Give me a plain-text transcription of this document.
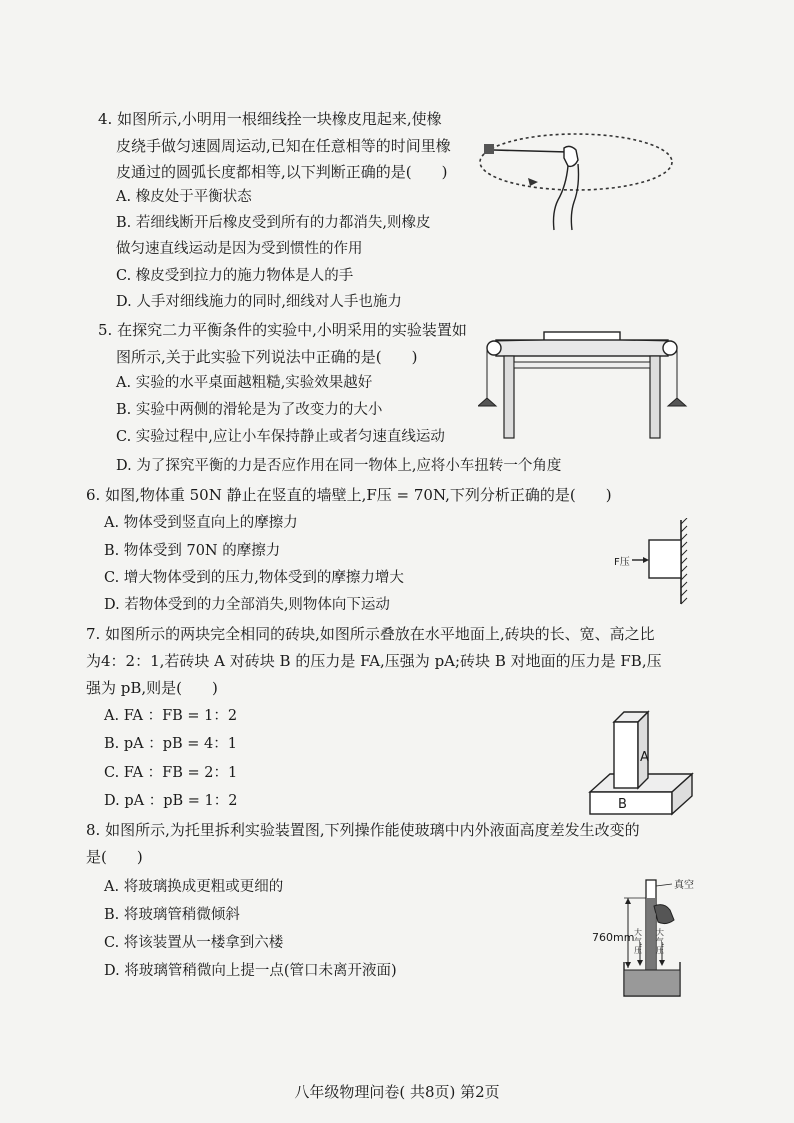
4. 如图所示,小明用一根细线拴一块橡皮甩起来,使橡
皮绕手做匀速圆周运动,已知在任意相等的时间里橡
皮通过的圆弧长度都相等,以下判断正确的是(　　)
A. 橡皮处于平衡状态
B. 若细线断开后橡皮受到所有的力都消失,则橡皮
做匀速直线运动是因为受到惯性的作用
C. 橡皮受到拉力的施力物体是人的手
D. 人手对细线施力的同时,细线对人手也施力
5. 在探究二力平衡条件的实验中,小明采用的实验装置如
图所示,关于此实验下列说法中正确的是(　　)
A. 实验的水平桌面越粗糙,实验效果越好
B. 实验中两侧的滑轮是为了改变力的大小
C. 实验过程中,应让小车保持静止或者匀速直线运动
D. 为了探究平衡的力是否应作用在同一物体上,应将小车扭转一个角度
6. 如图,物体重 50N 静止在竖直的墙壁上,F压 = 70N,下列分析正确的是(　　)
A. 物体受到竖直向上的摩擦力
B. 物体受到 70N 的摩擦力
C. 增大物体受到的压力,物体受到的摩擦力增大
D. 若物体受到的力全部消失,则物体向下运动
F压
7. 如图所示的两块完全相同的砖块,如图所示叠放在水平地面上,砖块的长、宽、高之比
为4：2：1,若砖块 A 对砖块 B 的压力是 FA,压强为 pA;砖块 B 对地面的压力是 FB,压
强为 pB,则是(　　)
A. FA ：FB = 1：2
B. pA ：pB = 4：1
C. FA ：FB = 2：1
D. pA ：pB = 1：2
A
B
8. 如图所示,为托里拆利实验装置图,下列操作能使玻璃中内外液面高度差发生改变的
是(　　)
A. 将玻璃换成更粗或更细的
B. 将玻璃管稍微倾斜
C. 将该装置从一楼拿到六楼
D. 将玻璃管稍微向上提一点(管口未离开液面)
真空
760mm 大气压
大气压
八年级物理问卷( 共8页) 第2页
